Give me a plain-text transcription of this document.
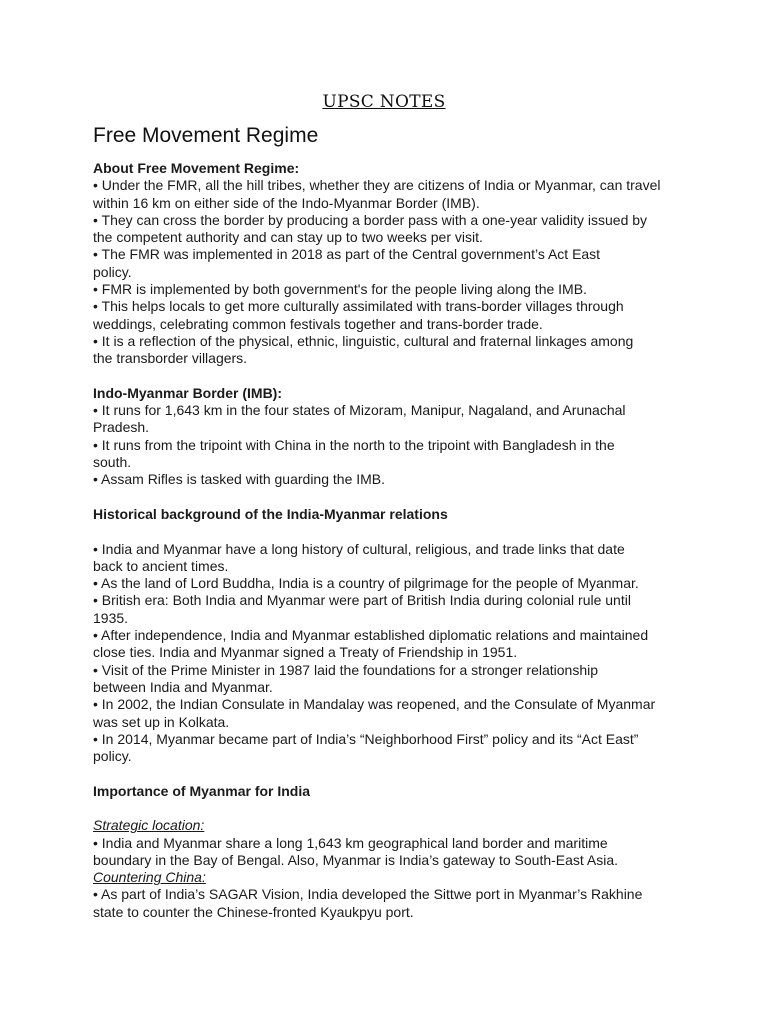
UPSC NOTES
Free Movement Regime
About Free Movement Regime:
• Under the FMR, all the hill tribes, whether they are citizens of India or Myanmar, can travel
within 16 km on either side of the Indo-Myanmar Border (IMB).
• They can cross the border by producing a border pass with a one-year validity issued by
the competent authority and can stay up to two weeks per visit.
• The FMR was implemented in 2018 as part of the Central government’s Act East
policy.
• FMR is implemented by both government's for the people living along the IMB.
• This helps locals to get more culturally assimilated with trans-border villages through
weddings, celebrating common festivals together and trans-border trade.
• It is a reflection of the physical, ethnic, linguistic, cultural and fraternal linkages among
the transborder villagers.
Indo-Myanmar Border (IMB):
• It runs for 1,643 km in the four states of Mizoram, Manipur, Nagaland, and Arunachal
Pradesh.
• It runs from the tripoint with China in the north to the tripoint with Bangladesh in the
south.
• Assam Rifles is tasked with guarding the IMB.
Historical background of the India-Myanmar relations
• India and Myanmar have a long history of cultural, religious, and trade links that date
back to ancient times.
• As the land of Lord Buddha, India is a country of pilgrimage for the people of Myanmar.
• British era: Both India and Myanmar were part of British India during colonial rule until
1935.
• After independence, India and Myanmar established diplomatic relations and maintained
close ties. India and Myanmar signed a Treaty of Friendship in 1951.
• Visit of the Prime Minister in 1987 laid the foundations for a stronger relationship
between India and Myanmar.
• In 2002, the Indian Consulate in Mandalay was reopened, and the Consulate of Myanmar
was set up in Kolkata.
• In 2014, Myanmar became part of India’s “Neighborhood First” policy and its “Act East”
policy.
Importance of Myanmar for India
Strategic location:
• India and Myanmar share a long 1,643 km geographical land border and maritime
boundary in the Bay of Bengal. Also, Myanmar is India’s gateway to South-East Asia.
Countering China:
• As part of India’s SAGAR Vision, India developed the Sittwe port in Myanmar’s Rakhine
state to counter the Chinese-fronted Kyaukpyu port.
